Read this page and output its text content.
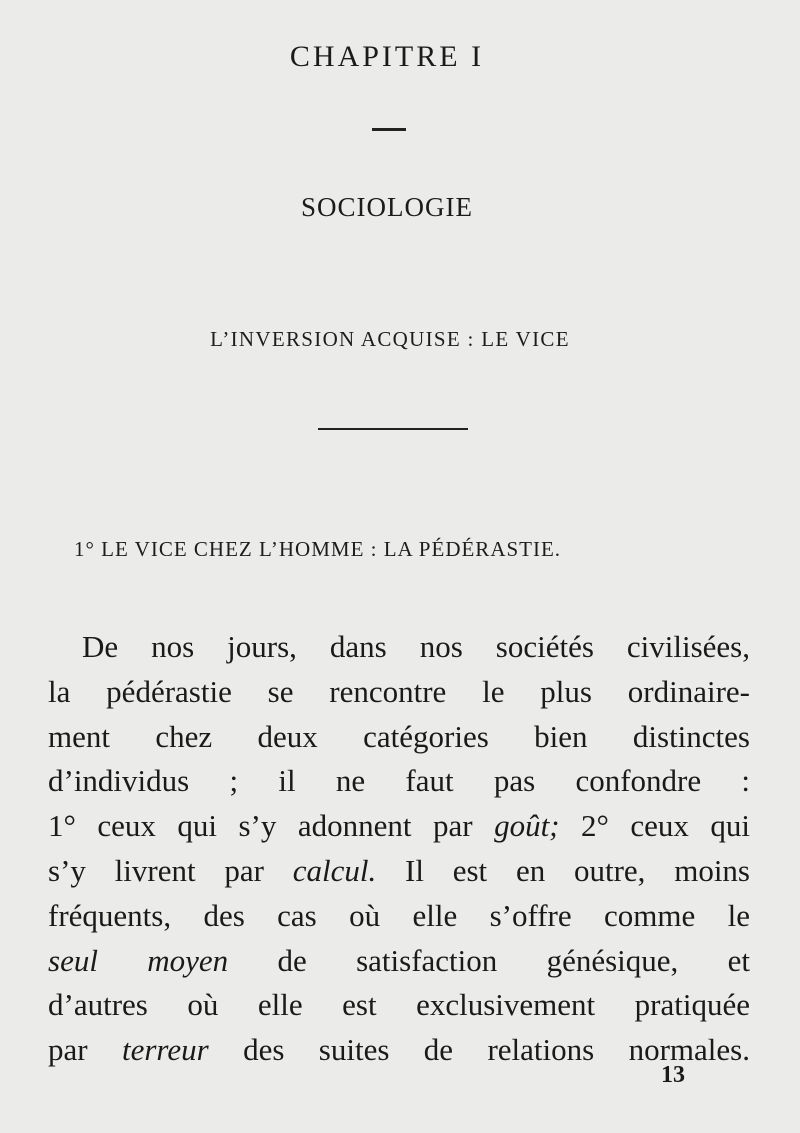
CHAPITRE I
SOCIOLOGIE
L’INVERSION ACQUISE : LE VICE
1° LE VICE CHEZ L’HOMME : LA PÉDÉRASTIE.
De nos jours, dans nos sociétés civilisées,
la pédérastie se rencontre le plus ordinaire-
ment chez deux catégories bien distinctes
d’individus ; il ne faut pas confondre :
1° ceux qui s’y adonnent par goût; 2° ceux qui
s’y livrent par calcul. Il est en outre, moins
fréquents, des cas où elle s’offre comme le
seul moyen de satisfaction génésique, et
d’autres où elle est exclusivement pratiquée
par terreur des suites de relations normales.
13
